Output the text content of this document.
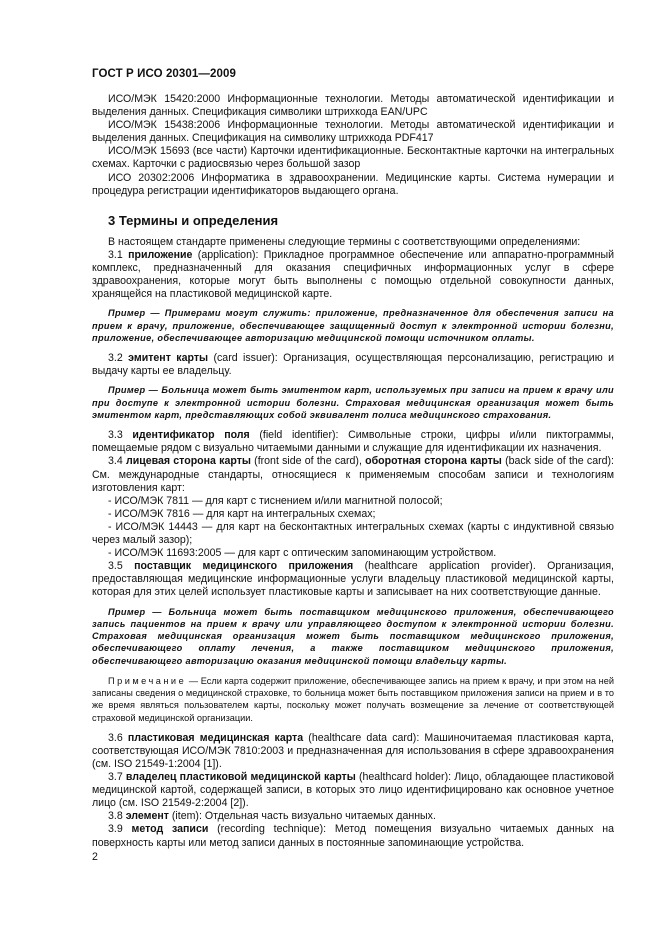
ГОСТ Р ИСО 20301—2009

ИСО/МЭК 15420:2000 Информационные технологии. Методы автоматической идентификации и выделения данных. Спецификация символики штрихкода EAN/UPC

ИСО/МЭК 15438:2006 Информационные технологии. Методы автоматической идентификации и выделения данных. Спецификация на символику штрихкода PDF417

ИСО/МЭК 15693 (все части) Карточки идентификационные. Бесконтактные карточки на интегральных схемах. Карточки с радиосвязью через большой зазор

ИСО 20302:2006 Информатика в здравоохранении. Медицинские карты. Система нумерации и процедура регистрации идентификаторов выдающего органа.

3 Термины и определения

В настоящем стандарте применены следующие термины с соответствующими определениями:

3.1 приложение (application): Прикладное программное обеспечение или аппаратно-программный комплекс, предназначенный для оказания специфичных информационных услуг в сфере здравоохранения, которые могут быть выполнены с помощью отдельной совокупности данных, хранящейся на пластиковой медицинской карте.

Пример — Примерами могут служить: приложение, предназначенное для обеспечения записи на прием к врачу, приложение, обеспечивающее защищенный доступ к электронной истории болезни, приложение, обеспечивающее авторизацию медицинской помощи источником оплаты.

3.2 эмитент карты (card issuer): Организация, осуществляющая персонализацию, регистрацию и выдачу карты ее владельцу.

Пример — Больница может быть эмитентом карт, используемых при записи на прием к врачу или при доступе к электронной истории болезни. Страховая медицинская организация может быть эмитентом карт, представляющих собой эквивалент полиса медицинского страхования.

3.3 идентификатор поля (field identifier): Символьные строки, цифры и/или пиктограммы, помещаемые рядом с визуально читаемыми данными и служащие для идентификации их назначения.

3.4 лицевая сторона карты (front side of the card), оборотная сторона карты (back side of the card): См. международные стандарты, относящиеся к применяемым способам записи и технологиям изготовления карт:

- ИСО/МЭК 7811 — для карт с тиснением и/или магнитной полосой;

- ИСО/МЭК 7816 — для карт на интегральных схемах;

- ИСО/МЭК 14443 — для карт на бесконтактных интегральных схемах (карты с индуктивной связью через малый зазор);

- ИСО/МЭК 11693:2005 — для карт с оптическим запоминающим устройством.

3.5 поставщик медицинского приложения (healthcare application provider). Организация, предоставляющая медицинские информационные услуги владельцу пластиковой медицинской карты, которая для этих целей использует пластиковые карты и записывает на них соответствующие данные.

Пример — Больница может быть поставщиком медицинского приложения, обеспечивающего запись пациентов на прием к врачу или управляющего доступом к электронной истории болезни. Страховая медицинская организация может быть поставщиком медицинского приложения, обеспечивающего оплату лечения, а также поставщиком медицинского приложения, обеспечивающего авторизацию оказания медицинской помощи владельцу карты.

Примечание — Если карта содержит приложение, обеспечивающее запись на прием к врачу, и при этом на ней записаны сведения о медицинской страховке, то больница может быть поставщиком приложения записи на прием и в то же время являться пользователем карты, поскольку может получать возмещение за лечение от соответствующей страховой медицинской организации.

3.6 пластиковая медицинская карта (healthcare data card): Машиночитаемая пластиковая карта, соответствующая ИСО/МЭК 7810:2003 и предназначенная для использования в сфере здравоохранения (см. ISO 21549-1:2004 [1]).

3.7 владелец пластиковой медицинской карты (healthcard holder): Лицо, обладающее пластиковой медицинской картой, содержащей записи, в которых это лицо идентифицировано как основное учетное лицо (см. ISO 21549-2:2004 [2]).

3.8 элемент (item): Отдельная часть визуально читаемых данных.

3.9 метод записи (recording technique): Метод помещения визуально читаемых данных на поверхность карты или метод записи данных в постоянные запоминающие устройства.

2
